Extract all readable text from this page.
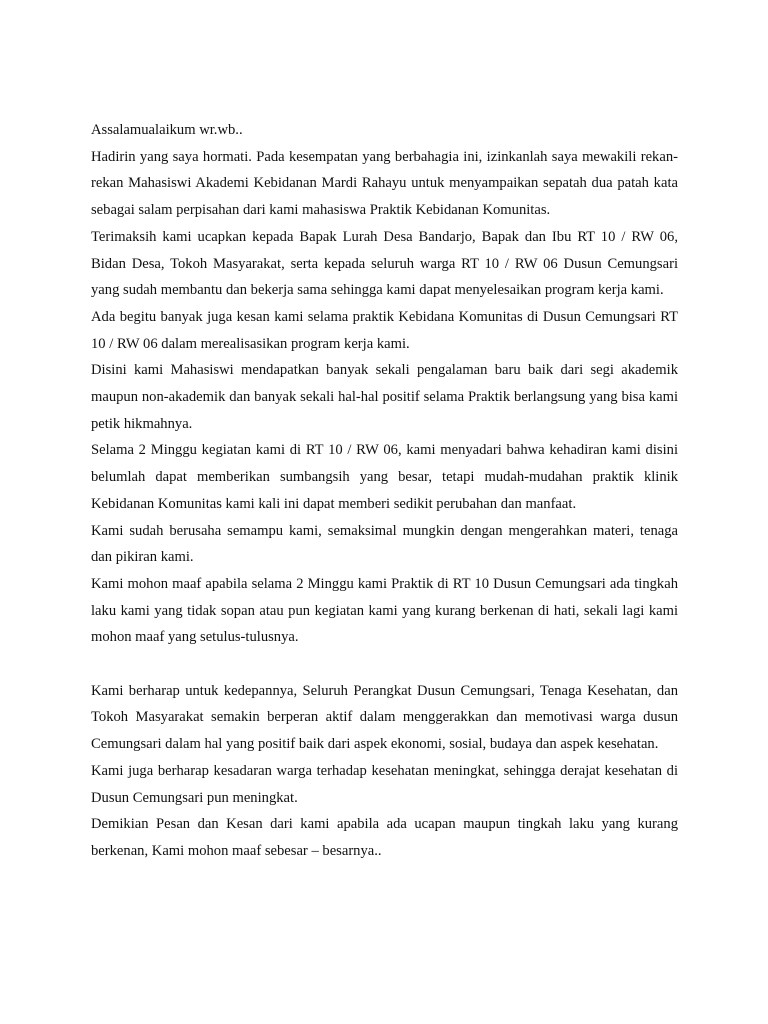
Assalamualaikum wr.wb..

Hadirin yang saya hormati. Pada kesempatan yang berbahagia ini, izinkanlah saya mewakili rekan-rekan Mahasiswi Akademi Kebidanan Mardi Rahayu untuk menyampaikan sepatah dua patah kata sebagai salam perpisahan dari kami mahasiswa Praktik Kebidanan Komunitas.

Terimaksih kami ucapkan kepada Bapak Lurah Desa Bandarjo, Bapak dan Ibu RT 10 / RW 06, Bidan Desa, Tokoh Masyarakat, serta kepada seluruh warga RT 10 / RW 06 Dusun Cemungsari yang sudah membantu dan bekerja sama sehingga kami dapat menyelesaikan program kerja kami.

Ada begitu banyak juga kesan kami selama praktik Kebidana Komunitas di Dusun Cemungsari RT 10 / RW 06 dalam merealisasikan program kerja kami.

Disini kami Mahasiswi mendapatkan banyak sekali pengalaman baru baik dari segi akademik maupun non-akademik dan banyak sekali hal-hal positif selama Praktik berlangsung yang bisa kami petik hikmahnya.

Selama 2 Minggu kegiatan kami di RT 10 / RW 06, kami menyadari bahwa kehadiran kami disini belumlah dapat memberikan sumbangsih yang besar, tetapi mudah-mudahan praktik klinik Kebidanan Komunitas kami kali ini dapat memberi sedikit perubahan dan manfaat.

Kami sudah berusaha semampu kami, semaksimal mungkin dengan mengerahkan materi, tenaga dan pikiran kami.

Kami mohon maaf apabila selama 2 Minggu kami Praktik di RT 10 Dusun Cemungsari ada tingkah laku kami yang tidak sopan atau pun kegiatan kami yang kurang berkenan di hati, sekali lagi kami mohon maaf yang setulus-tulusnya.

Kami berharap untuk kedepannya, Seluruh Perangkat Dusun Cemungsari, Tenaga Kesehatan, dan Tokoh Masyarakat semakin berperan aktif dalam menggerakkan dan memotivasi warga dusun Cemungsari dalam hal yang positif baik dari aspek ekonomi, sosial, budaya dan aspek kesehatan.

Kami juga berharap kesadaran warga terhadap kesehatan meningkat, sehingga derajat kesehatan di Dusun Cemungsari pun meningkat.

Demikian Pesan dan Kesan dari kami apabila ada ucapan maupun tingkah laku yang kurang berkenan, Kami mohon maaf sebesar – besarnya..
